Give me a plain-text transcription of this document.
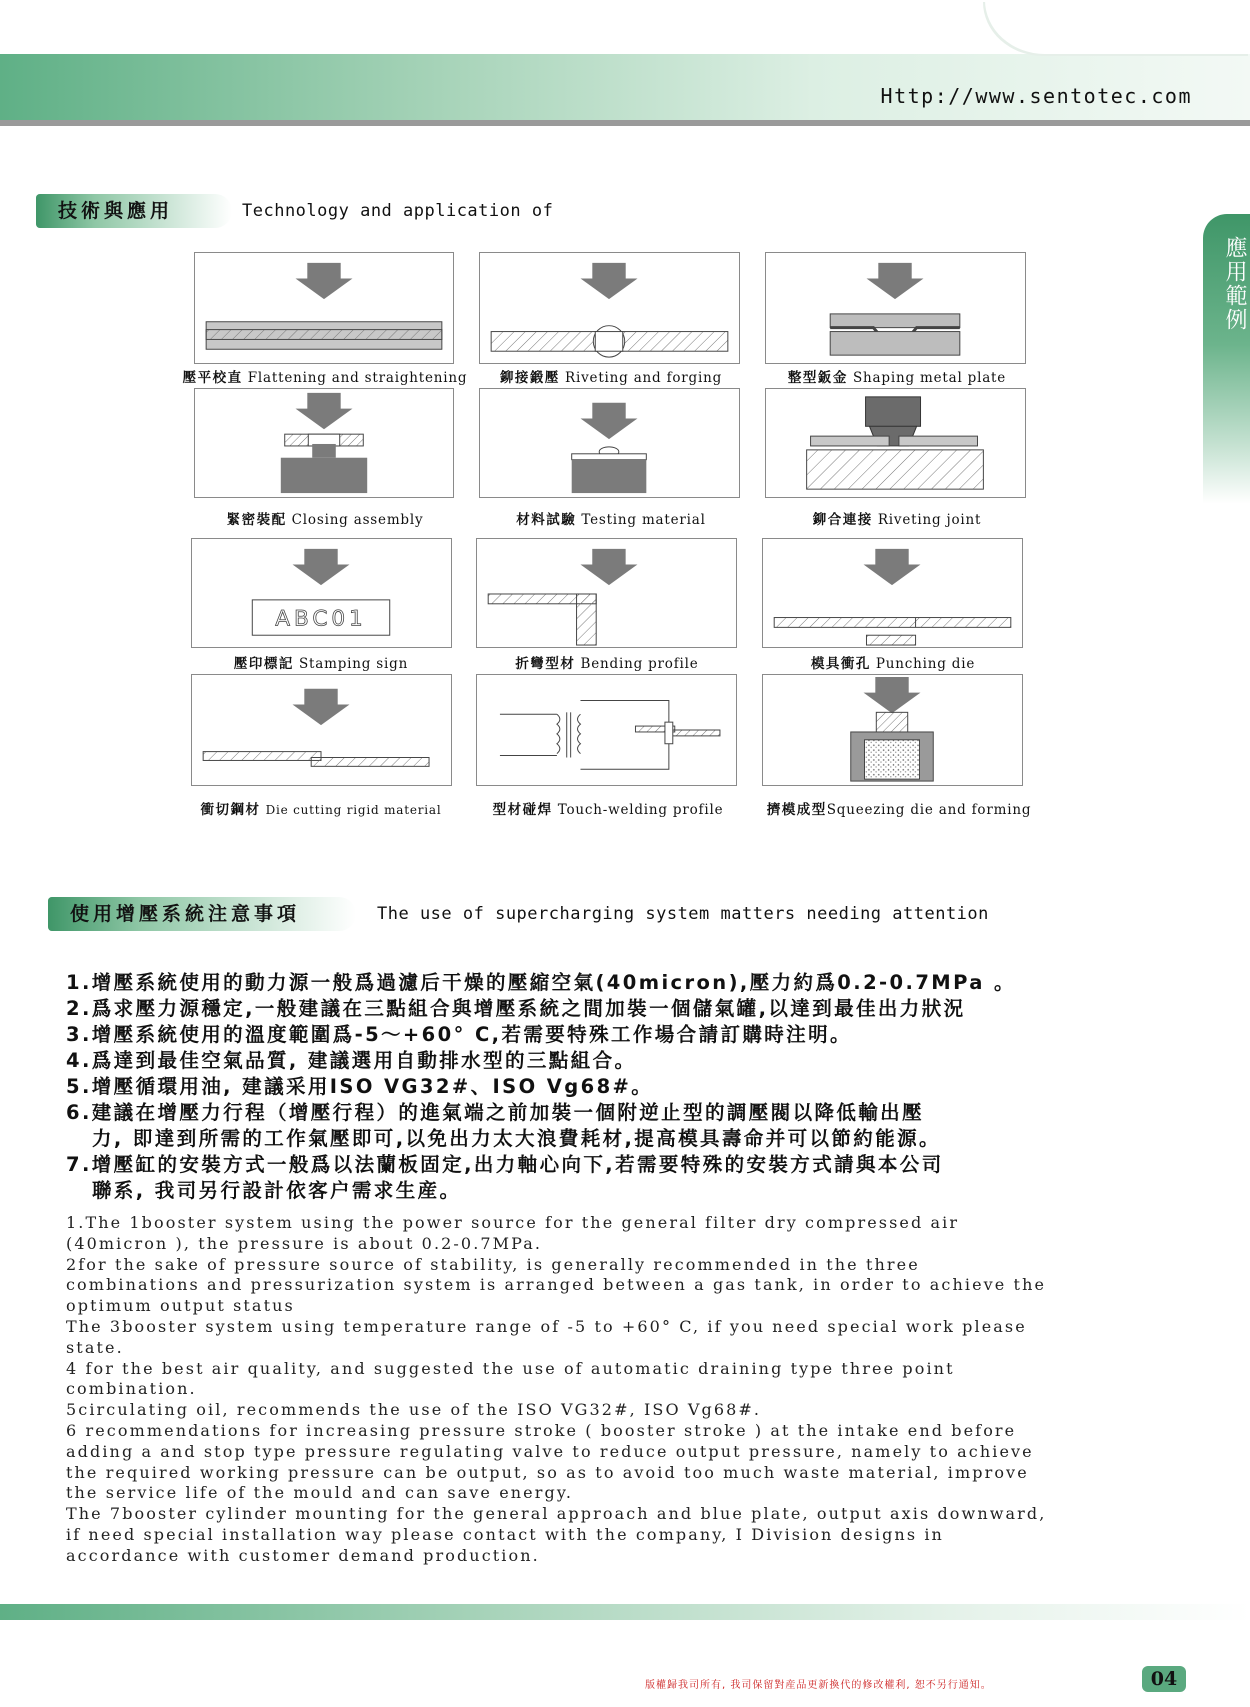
Http://www.sentotec.com
應用範例
技術與應用	Technology and application of
ABC01
壓平校直 Flattening and straightening	鉚接鍛壓 Riveting and forging	整型鈑金 Shaping metal plate
緊密裝配 Closing assembly	材料試驗 Testing material	鉚合連接 Riveting joint
壓印標記 Stamping sign	折彎型材 Bending profile	模具衝孔 Punching die
衝切鋼材 Die cutting rigid material	型材碰焊 Touch-welding profile	擠模成型Squeezing die and forming
使用增壓系統注意事項	The use of supercharging system matters needing attention
1.增壓系統使用的動力源一般爲過濾后干燥的壓縮空氣(40micron),壓力約爲0.2-0.7MPa 。
2.爲求壓力源穩定,一般建議在三點組合與增壓系統之間加裝一個儲氣罐,以達到最佳出力狀況
3.增壓系統使用的溫度範圍爲-5～+60° C,若需要特殊工作場合請訂購時注明。
4.爲達到最佳空氣品質, 建議選用自動排水型的三點組合。
5.增壓循環用油, 建議采用ISO VG32#、ISO Vg68#。
6.建議在增壓力行程（增壓行程）的進氣端之前加裝一個附逆止型的調壓閥以降低輸出壓
力, 即達到所需的工作氣壓即可,以免出力太大浪費耗材,提高模具壽命并可以節約能源。
7.增壓缸的安裝方式一般爲以法蘭板固定,出力軸心向下,若需要特殊的安裝方式請與本公司
聯系, 我司另行設計依客户需求生産。
1.The 1booster system using the power source for the general filter dry compressed air
(40micron ), the pressure is about 0.2-0.7MPa.
2for the sake of pressure source of stability, is generally recommended in the three
combinations and pressurization system is arranged between a gas tank, in order to achieve the
optimum output status
The 3booster system using temperature range of -5 to +60° C, if you need special work please
state.
4 for the best air quality, and suggested the use of automatic draining type three point
combination.
5circulating oil, recommends the use of the ISO VG32#, ISO Vg68#.
6 recommendations for increasing pressure stroke ( booster stroke ) at the intake end before
adding a and stop type pressure regulating valve to reduce output pressure, namely to achieve
the required working pressure can be output, so as to avoid too much waste material, improve
the service life of the mould and can save energy.
The 7booster cylinder mounting for the general approach and blue plate, output axis downward,
if need special installation way please contact with the company, I Division designs in
accordance with customer demand production.
版權歸我司所有, 我司保留對産品更新換代的修改權利, 恕不另行通知。	04
